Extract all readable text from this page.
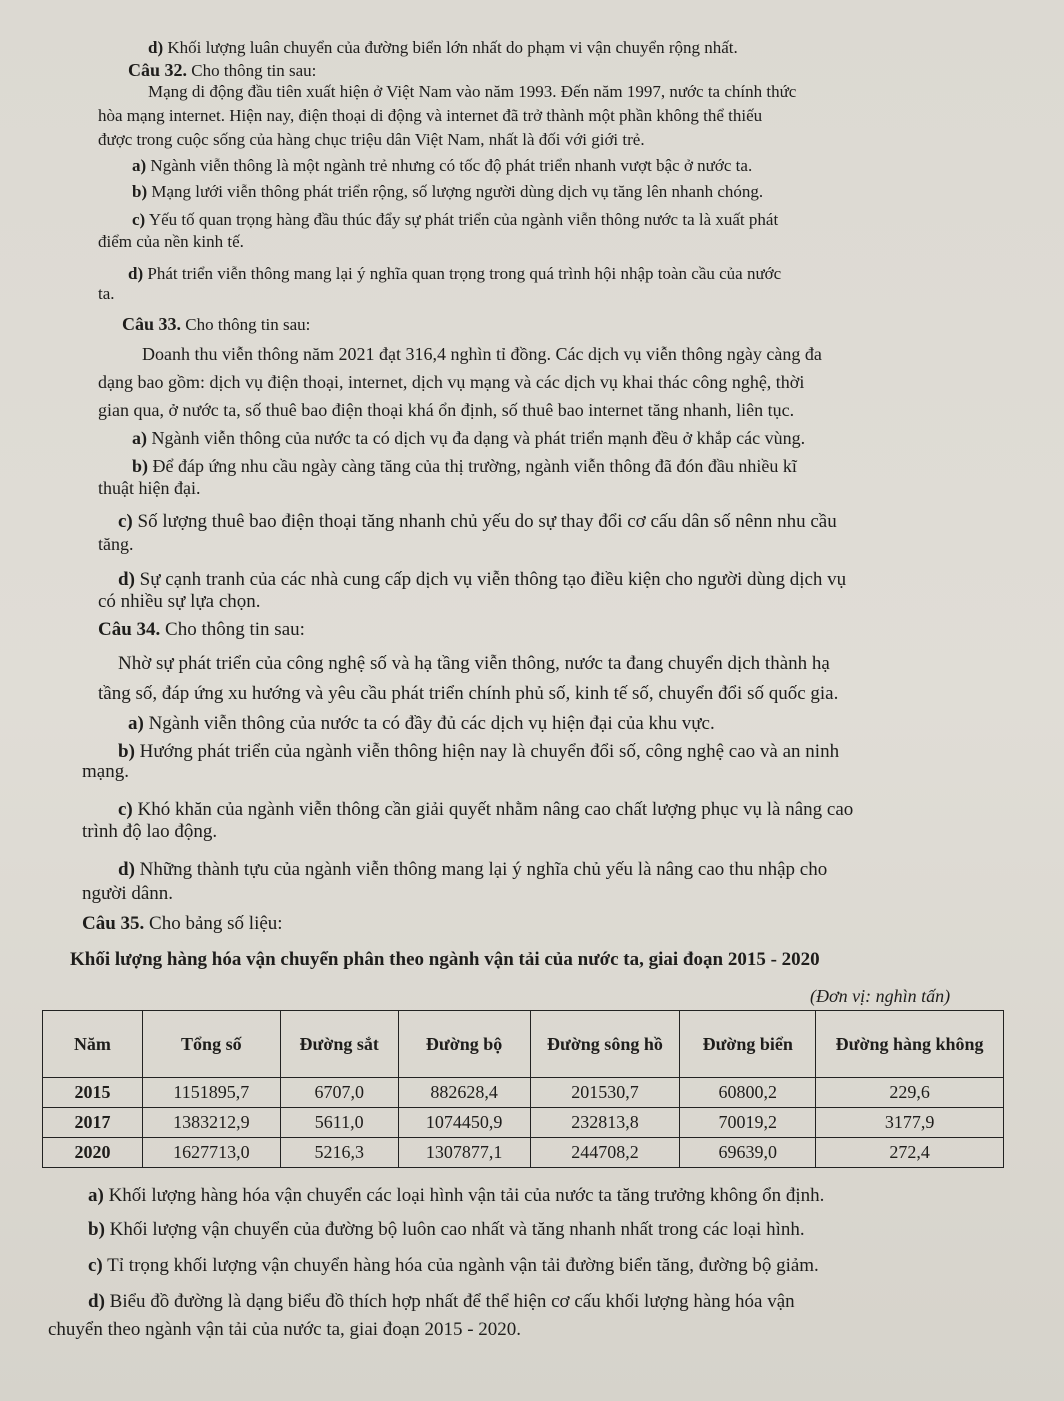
d) Khối lượng luân chuyển của đường biển lớn nhất do phạm vi vận chuyển rộng nhất.
Câu 32. Cho thông tin sau:
Mạng di động đầu tiên xuất hiện ở Việt Nam vào năm 1993. Đến năm 1997, nước ta chính thức
hòa mạng internet. Hiện nay, điện thoại di động và internet đã trở thành một phần không thể thiếu
được trong cuộc sống của hàng chục triệu dân Việt Nam, nhất là đối với giới trẻ.
a) Ngành viễn thông là một ngành trẻ nhưng có tốc độ phát triển nhanh vượt bậc ở nước ta.
b) Mạng lưới viễn thông phát triển rộng, số lượng người dùng dịch vụ tăng lên nhanh chóng.
c) Yếu tố quan trọng hàng đầu thúc đẩy sự phát triển của ngành viễn thông nước ta là xuất phát
điểm của nền kinh tế.
d) Phát triển viễn thông mang lại ý nghĩa quan trọng trong quá trình hội nhập toàn cầu của nước
ta.
Câu 33. Cho thông tin sau:
Doanh thu viễn thông năm 2021 đạt 316,4 nghìn tỉ đồng. Các dịch vụ viễn thông ngày càng đa
dạng bao gồm: dịch vụ điện thoại, internet, dịch vụ mạng và các dịch vụ khai thác công nghệ, thời
gian qua, ở nước ta, số thuê bao điện thoại khá ổn định, số thuê bao internet tăng nhanh, liên tục.
a) Ngành viễn thông của nước ta có dịch vụ đa dạng và phát triển mạnh đều ở khắp các vùng.
b) Để đáp ứng nhu cầu ngày càng tăng của thị trường, ngành viễn thông đã đón đầu nhiều kĩ
thuật hiện đại.
c) Số lượng thuê bao điện thoại tăng nhanh chủ yếu do sự thay đổi cơ cấu dân số nênn nhu cầu
tăng.
d) Sự cạnh tranh của các nhà cung cấp dịch vụ viễn thông tạo điều kiện cho người dùng dịch vụ
có nhiều sự lựa chọn.
Câu 34. Cho thông tin sau:
Nhờ sự phát triển của công nghệ số và hạ tầng viễn thông, nước ta đang chuyển dịch thành hạ
tầng số, đáp ứng xu hướng và yêu cầu phát triển chính phủ số, kinh tế số, chuyển đổi số quốc gia.
a) Ngành viễn thông của nước ta có đầy đủ các dịch vụ hiện đại của khu vực.
b) Hướng phát triển của ngành viễn thông hiện nay là chuyển đổi số, công nghệ cao và an ninh
mạng.
c) Khó khăn của ngành viễn thông cần giải quyết nhằm nâng cao chất lượng phục vụ là nâng cao
trình độ lao động.
d) Những thành tựu của ngành viễn thông mang lại ý nghĩa chủ yếu là nâng cao thu nhập cho
người dânn.
Câu 35. Cho bảng số liệu:
Khối lượng hàng hóa vận chuyển phân theo ngành vận tải của nước ta, giai đoạn 2015 - 2020
(Đơn vị: nghìn tấn)
Năm	Tổng số	Đường sắt	Đường bộ	Đường sông hồ	Đường biển	Đường hàng không
2015	1151895,7	6707,0	882628,4	201530,7	60800,2	229,6
2017	1383212,9	5611,0	1074450,9	232813,8	70019,2	3177,9
2020	1627713,0	5216,3	1307877,1	244708,2	69639,0	272,4
a) Khối lượng hàng hóa vận chuyển các loại hình vận tải của nước ta tăng trưởng không ổn định.
b) Khối lượng vận chuyển của đường bộ luôn cao nhất và tăng nhanh nhất trong các loại hình.
c) Tỉ trọng khối lượng vận chuyển hàng hóa của ngành vận tải đường biển tăng, đường bộ giảm.
d) Biểu đồ đường là dạng biểu đồ thích hợp nhất để thể hiện cơ cấu khối lượng hàng hóa vận
chuyển theo ngành vận tải của nước ta, giai đoạn 2015 - 2020.
